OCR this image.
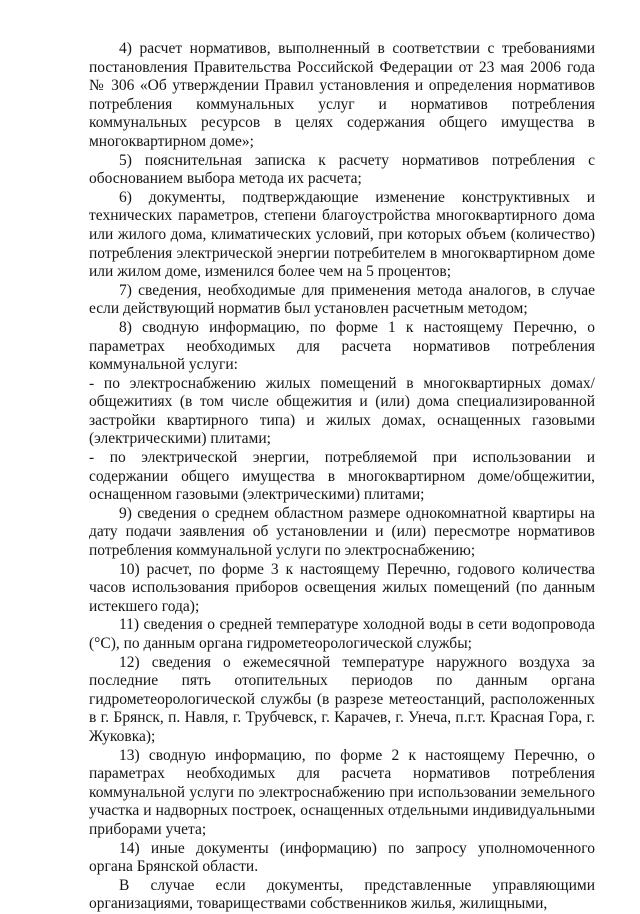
4) расчет нормативов, выполненный в соответствии с требованиями постановления Правительства Российской Федерации от 23 мая 2006 года № 306 «Об утверждении Правил установления и определения нормативов потребления коммунальных услуг и нормативов потребления коммунальных ресурсов в целях содержания общего имущества в многоквартирном доме»;

5) пояснительная записка к расчету нормативов потребления с обоснованием выбора метода их расчета;

6) документы, подтверждающие изменение конструктивных и технических параметров, степени благоустройства многоквартирного дома или жилого дома, климатических условий, при которых объем (количество) потребления электрической энергии потребителем в многоквартирном доме или жилом доме, изменился более чем на 5 процентов;

7) сведения, необходимые для применения метода аналогов, в случае если действующий норматив был установлен расчетным методом;

8) сводную информацию, по форме 1 к настоящему Перечню, о параметрах необходимых для расчета нормативов потребления коммунальной услуги:

- по электроснабжению жилых помещений в многоквартирных домах/общежитиях (в том числе общежития и (или) дома специализированной застройки квартирного типа) и жилых домах, оснащенных газовыми (электрическими) плитами;

- по электрической энергии, потребляемой при использовании и содержании общего имущества в многоквартирном доме/общежитии, оснащенном газовыми (электрическими) плитами;

9) сведения о среднем областном размере однокомнатной квартиры на дату подачи заявления об установлении и (или) пересмотре нормативов потребления коммунальной услуги по электроснабжению;

10) расчет, по форме 3 к настоящему Перечню, годового количества часов использования приборов освещения жилых помещений (по данным истекшего года);

11) сведения о средней температуре холодной воды в сети водопровода (°С), по данным органа гидрометеорологической службы;

12) сведения о ежемесячной температуре наружного воздуха за последние пять отопительных периодов по данным органа гидрометеорологической службы (в разрезе метеостанций, расположенных в г. Брянск, п. Навля, г. Трубчевск, г. Карачев, г. Унеча, п.г.т. Красная Гора, г. Жуковка);

13) сводную информацию, по форме 2 к настоящему Перечню, о параметрах необходимых для расчета нормативов потребления коммунальной услуги по электроснабжению при использовании земельного участка и надворных построек, оснащенных отдельными индивидуальными приборами учета;

14) иные документы (информацию) по запросу уполномоченного органа Брянской области.

В случае если документы, представленные управляющими организациями, товариществами собственников жилья, жилищными,
